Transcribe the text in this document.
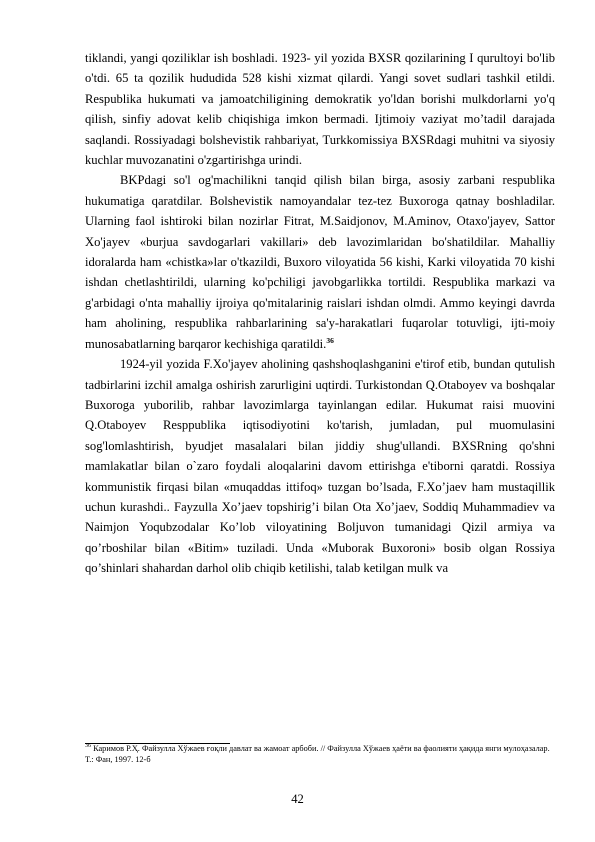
tiklandi, yangi qoziliklar ish boshladi. 1923- yil yozida BXSR qozilarining I qurultoyi bo'lib o'tdi. 65 ta qozilik hududida 528 kishi xizmat qilardi. Yangi sovet sudlari tashkil etildi. Respublika hukumati va jamoatchiligining demokratik yo'ldan borishi mulkdorlarni yo'q qilish, sinfiy adovat kelib chiqishiga imkon bermadi. Ijtimoiy vaziyat mo’tadil darajada saqlandi. Rossiyadagi bolshevistik rahbariyat, Turkkomissiya BXSRdagi muhitni va siyosiy kuchlar muvozanatini o'zgartirishga urindi.

BKPdagi so'l og'machilikni tanqid qilish bilan birga, asosiy zarbani respublika hukumatiga qaratdilar. Bolshevistik namoyandalar tez-tez Buxoroga qatnay boshladilar. Ularning faol ishtiroki bilan nozirlar Fitrat, M.Saidjonov, M.Aminov, Otaxo'jayev, Sattor Xo'jayev «burjua savdogarlari vakillari» deb lavozimlaridan bo'shatildilar. Mahalliy idoralarda ham «chistka»lar o'tkazildi, Buxoro viloyatida 56 kishi, Karki viloyatida 70 kishi ishdan chetlashtirildi, ularning ko'pchiligi javobgarlikka tortildi. Respublika markazi va g'arbidagi o'nta mahalliy ijroiya qo'mitalarinig raislari ishdan olmdi. Ammo keyingi davrda ham aholining, respublika rahbarlarining sa'y-harakatlari fuqarolar totuvligi, ijti-moiy munosabatlarning barqaror kechishiga qaratildi.$^{36}$

1924-yil yozida F.Xo'jayev aholining qashshoqlashganini e'tirof etib, bundan qutulish tadbirlarini izchil amalga oshirish zarurligini uqtirdi. Turkistondan Q.Otaboyev va boshqalar Buxoroga yuborilib, rahbar lavozimlarga tayinlangan edilar. Hukumat raisi muovini Q.Otaboyev Resppublika iqtisodiyotini ko'tarish, jumladan, pul muomulasini sog'lomlashtirish, byudjet masalalari bilan jiddiy shug'ullandi. BXSRning qo'shni mamlakatlar bilan o`zaro foydali aloqalarini davom ettirishga e'tiborni qaratdi. Rossiya kommunistik firqasi bilan «muqaddas ittifoq» tuzgan bo’lsada, F.Xo’jaev ham mustaqillik uchun kurashdi.. Fayzulla Xo’jaev topshirig’i bilan Ota Xo’jaev, Soddiq Muhammadiev va Naimjon Yoqubzodalar Ko’lob viloyatining Boljuvon tumanidagi Qizil armiya va qo’rboshilar bilan «Bitim» tuziladi. Unda «Muborak Buxoroni» bosib olgan Rossiya qo’shinlari shahardan darhol olib chiqib ketilishi, talab ketilgan mulk va

$^{36}$ Каримов Р.Ҳ. Файзулла Хўжаев ғоқли давлат ва жамоат арбоби. // Файзулла Хўжаев ҳаёти ва фаолияти ҳақида янги мулоҳазалар. Т.: Фан, 1997. 12-б

42
